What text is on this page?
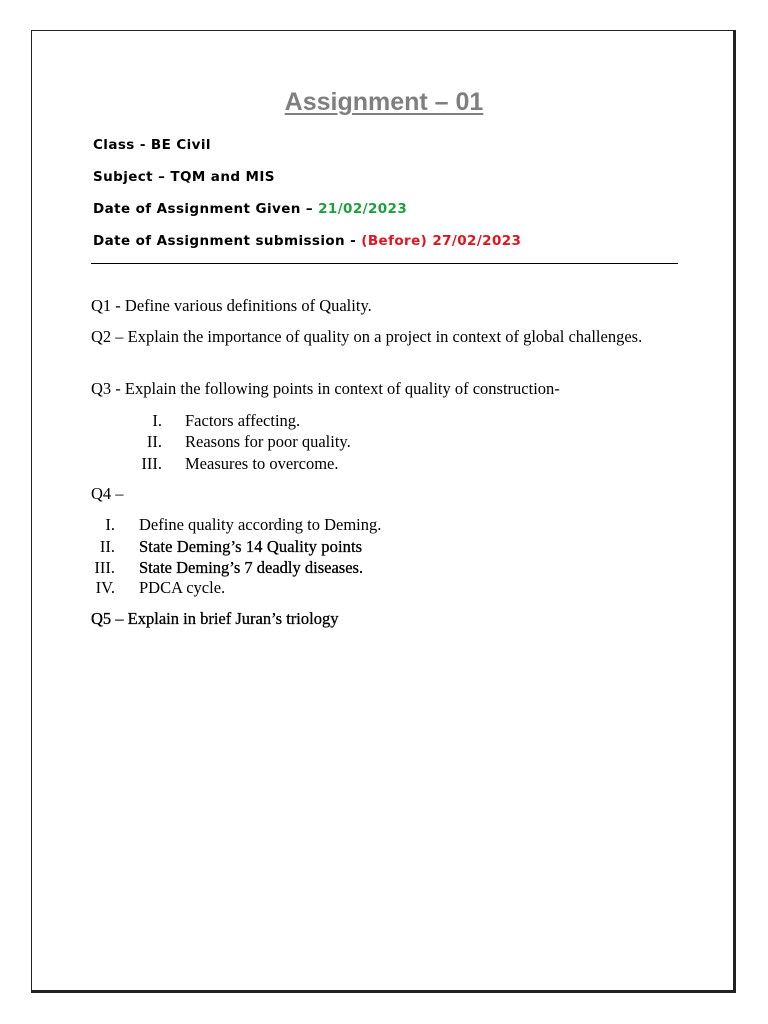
Assignment – 01
Class - BE Civil
Subject – TQM and MIS
Date of Assignment Given – 21/02/2023
Date of Assignment submission - (Before) 27/02/2023
Q1 - Define various definitions of Quality.
Q2 – Explain the importance of quality on a project in context of global challenges.
Q3 - Explain the following points in context of quality of construction-
I. Factors affecting.
II. Reasons for poor quality.
III. Measures to overcome.
Q4 –
I. Define quality according to Deming.
II. State Deming’s 14 Quality points
III. State Deming’s 7 deadly diseases.
IV. PDCA cycle.
Q5 – Explain in brief Juran’s triology
